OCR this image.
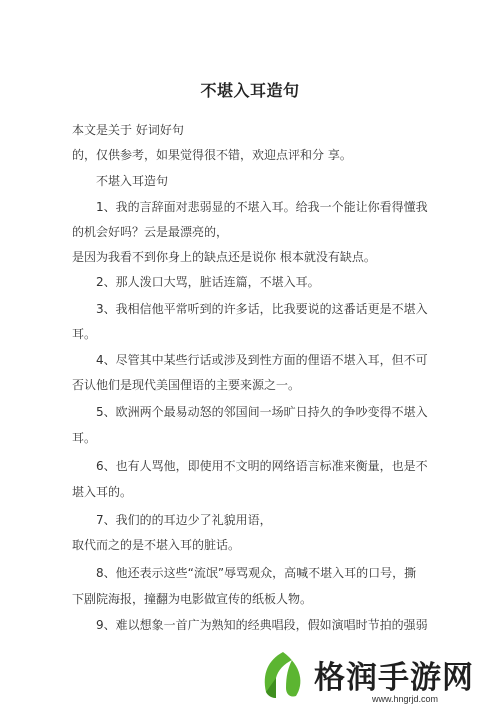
不堪入耳造句
本文是关于 好词好句
的，仅供参考，如果觉得很不错，欢迎点评和分 享。
不堪入耳造句
1、我的言辞面对悲弱显的不堪入耳。给我一个能让你看得懂我
的机会好吗？云是最漂亮的，
是因为我看不到你身上的缺点还是说你 根本就没有缺点。
2、那人泼口大骂，脏话连篇，不堪入耳。
3、我相信他平常听到的许多话，比我要说的这番话更是不堪入
耳。
4、尽管其中某些行话或涉及到性方面的俚语不堪入耳，但不可
否认他们是现代美国俚语的主要来源之一。
5、欧洲两个最易动怒的邻国间一场旷日持久的争吵变得不堪入
耳。
6、也有人骂他，即使用不文明的网络语言标准来衡量，也是不
堪入耳的。
7、我们的的耳边少了礼貌用语，
取代而之的是不堪入耳的脏话。
8、他还表示这些“流氓”辱骂观众，高喊不堪入耳的口号，撕
下剧院海报，撞翻为电影做宣传的纸板人物。
9、难以想象一首广为熟知的经典唱段，假如演唱时节拍的强弱
格润手游网
www.hngrjd.com
